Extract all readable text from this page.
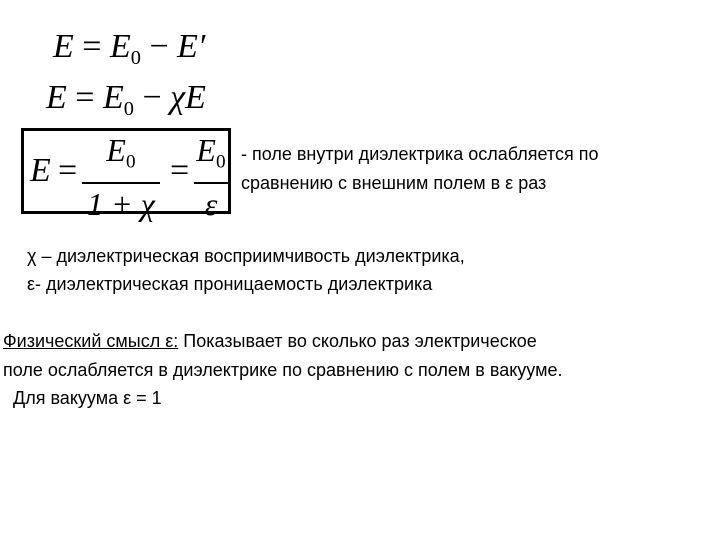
$E = E_0 - E'$
$E = E_0 - \chi E$
E =
$E_0$
1 + χ
=
$E_0$
ε
- поле внутри диэлектрика ослабляется по
сравнению с внешним полем в ε раз
χ – диэлектрическая восприимчивость диэлектрика,
ε- диэлектрическая проницаемость диэлектрика
Физический смысл ε: Показывает во сколько раз электрическое
поле ослабляется в диэлектрике по сравнению с полем в вакууме.
Для вакуума ε = 1
